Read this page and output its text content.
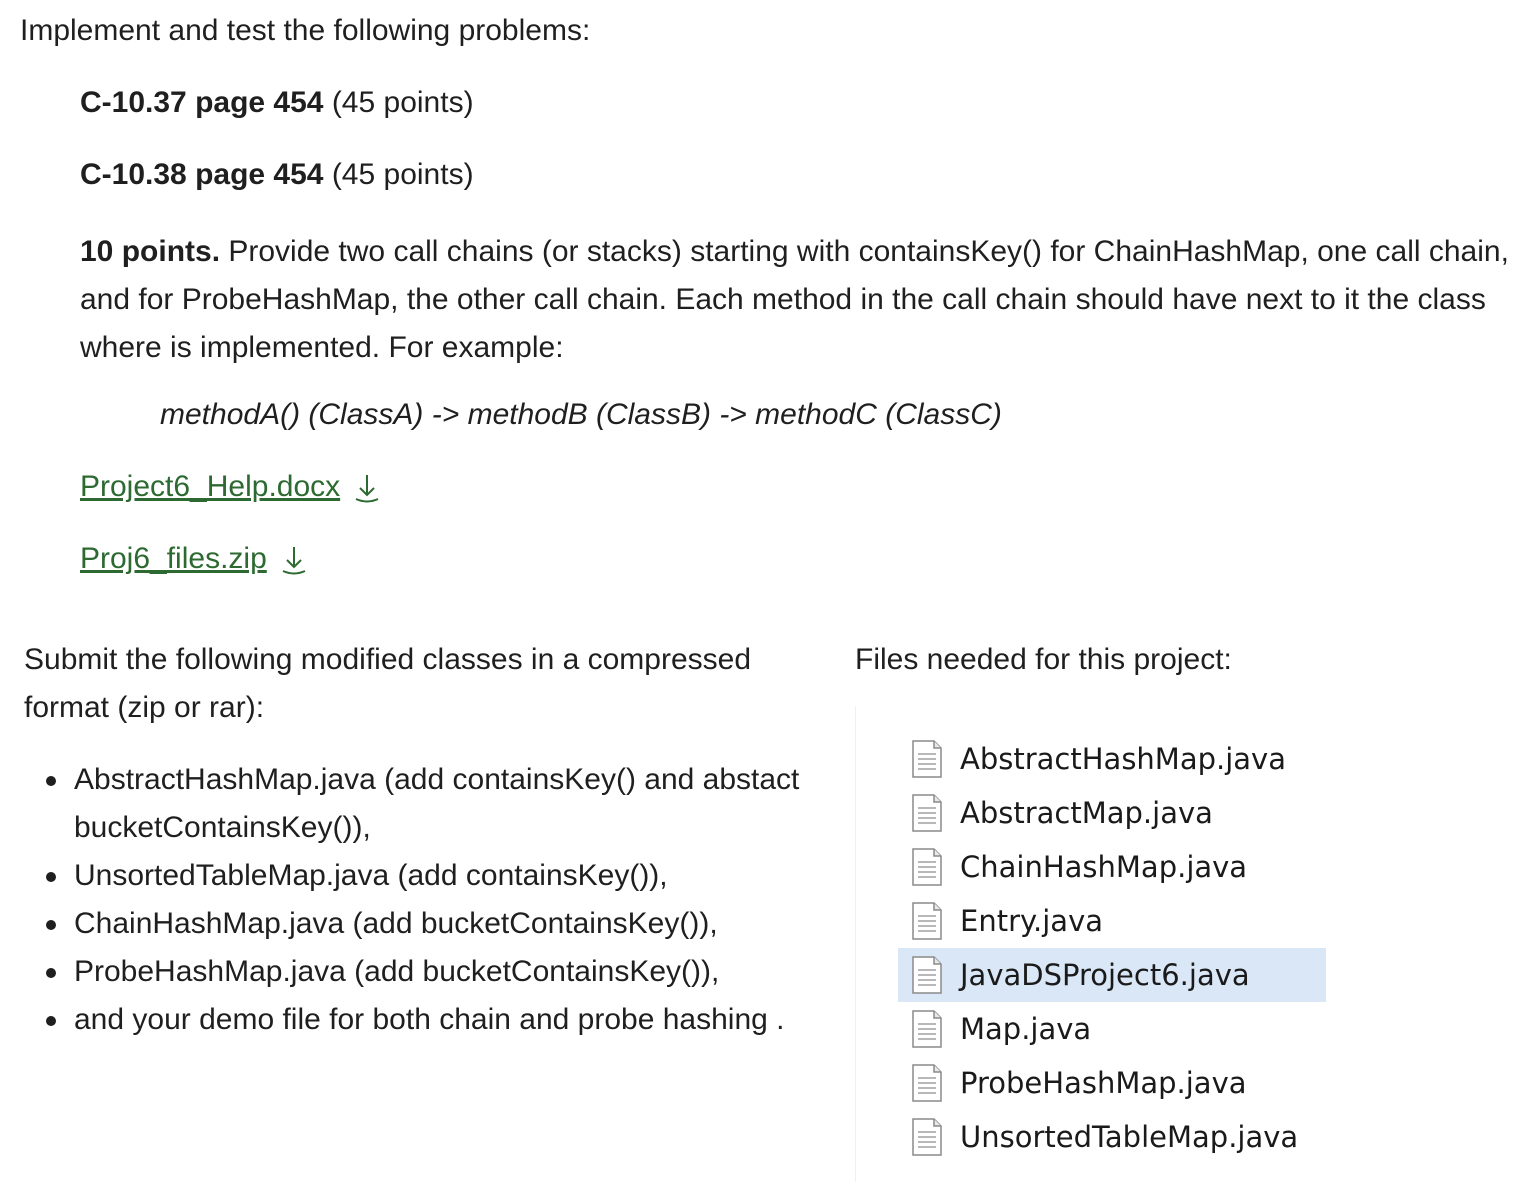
Implement and test the following problems:
C-10.37 page 454 (45 points)
C-10.38 page 454 (45 points)
10 points. Provide two call chains (or stacks) starting with containsKey() for ChainHashMap, one call chain, and for ProbeHashMap, the other call chain. Each method in the call chain should have next to it the class where is implemented. For example:
methodA() (ClassA) -> methodB (ClassB) -> methodC (ClassC)
Project6_Help.docx
Proj6_files.zip
Submit the following modified classes in a compressed format (zip or rar):
AbstractHashMap.java (add containsKey() and abstact bucketContainsKey()),
UnsortedTableMap.java (add containsKey()),
ChainHashMap.java (add bucketContainsKey()),
ProbeHashMap.java (add bucketContainsKey()),
and your demo file for both chain and probe hashing .
Files needed for this project:
AbstractHashMap.java
AbstractMap.java
ChainHashMap.java
Entry.java
JavaDSProject6.java
Map.java
ProbeHashMap.java
UnsortedTableMap.java
